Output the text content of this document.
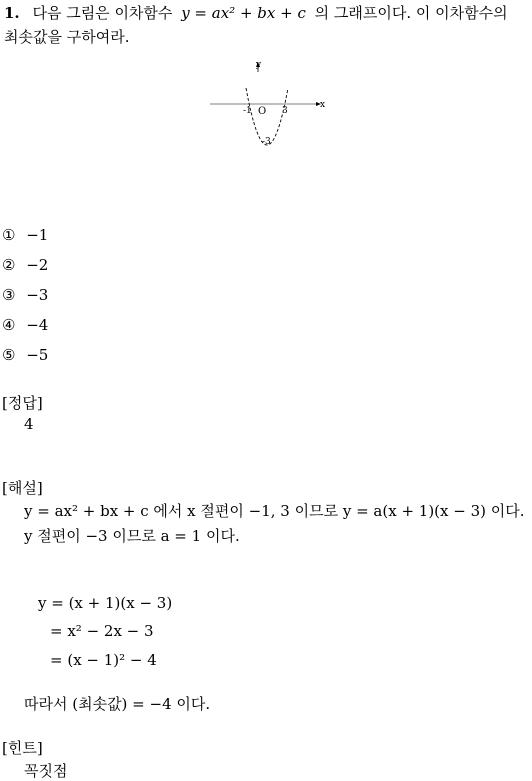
1. 다음 그림은 이차함수 y = ax² + bx + c 의 그래프이다. 이 이차함수의
최솟값을 구하여라.
y
x
O
-1	3
-3
① −1
② −2
③ −3
④ −4
⑤ −5
[정답]
4
[해설]
y = ax² + bx + c 에서 x 절편이 −1, 3 이므로 y = a(x + 1)(x − 3) 이다.
y 절편이 −3 이므로 a = 1 이다.
y = (x + 1)(x − 3)
= x² − 2x − 3
= (x − 1)² − 4
따라서 (최솟값) = −4 이다.
[힌트]
꼭짓점
